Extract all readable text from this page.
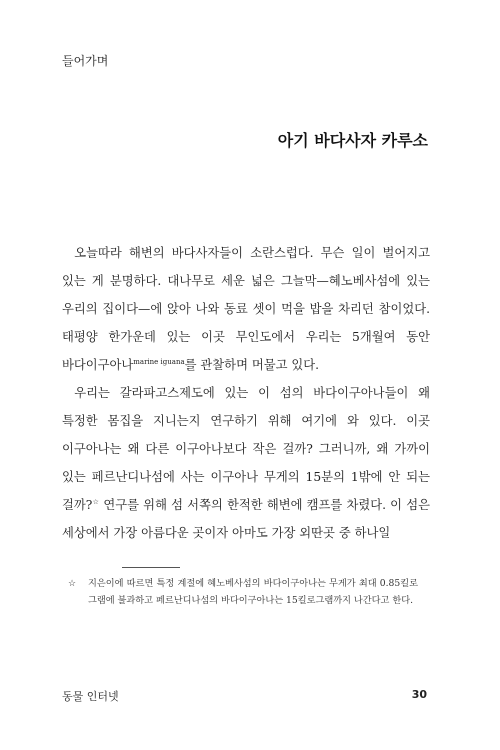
들어가며
아기 바다사자 카루소

오늘따라 해변의 바다사자들이 소란스럽다. 무슨 일이 벌어지고 있는 게 분명하다. 대나무로 세운 넓은 그늘막—혜노베사섬에 있는 우리의 집이다—에 앉아 나와 동료 셋이 먹을 밥을 차리던 참이었다. 태평양 한가운데 있는 이곳 무인도에서 우리는 5개월여 동안 바다이구아나$^{marine iguana}$를 관찰하며 머물고 있다.

우리는 갈라파고스제도에 있는 이 섬의 바다이구아나들이 왜 특정한 몸집을 지니는지 연구하기 위해 여기에 와 있다. 이곳 이구아나는 왜 다른 이구아나보다 작은 걸까? 그러니까, 왜 가까이 있는 페르난디나섬에 사는 이구아나 무게의 15분의 1밖에 안 되는 걸까?☆ 연구를 위해 섬 서쪽의 한적한 해변에 캠프를 차렸다. 이 섬은 세상에서 가장 아름다운 곳이자 아마도 가장 외딴곳 중 하나일

☆ 지은이에 따르면 특정 계절에 혜노베사섬의 바다이구아나는 무게가 최대 0.85킬로그램에 불과하고 페르난디나섬의 바다이구아나는 15킬로그램까지 나간다고 한다.
동물 인터넷	30
